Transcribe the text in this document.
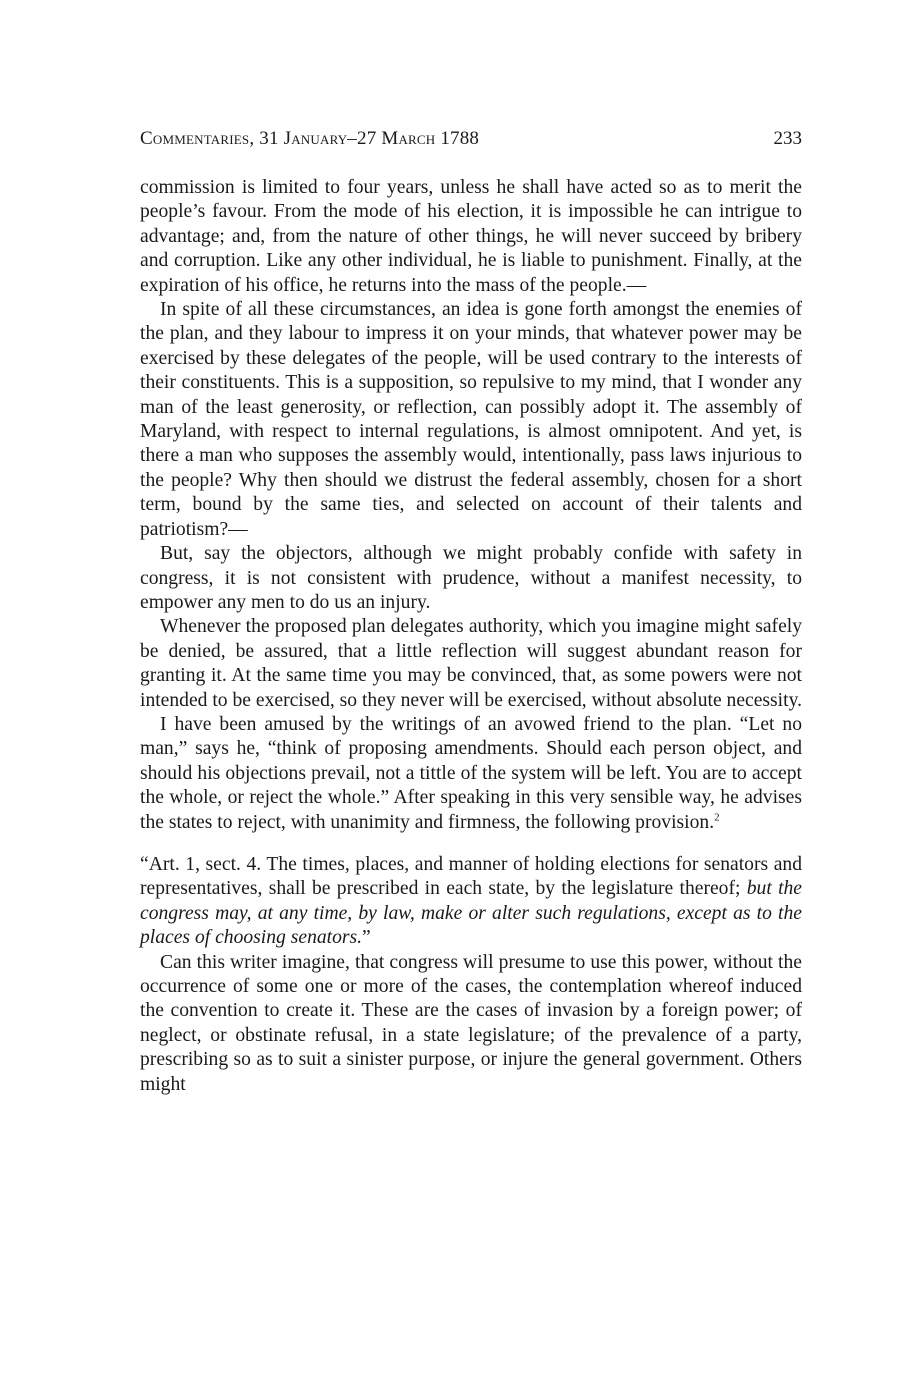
Commentaries, 31 January–27 March 1788	233

commission is limited to four years, unless he shall have acted so as to merit the people’s favour. From the mode of his election, it is impossible he can intrigue to advantage; and, from the nature of other things, he will never succeed by bribery and corruption. Like any other individual, he is liable to punishment. Finally, at the expiration of his office, he returns into the mass of the people.—

In spite of all these circumstances, an idea is gone forth amongst the enemies of the plan, and they labour to impress it on your minds, that whatever power may be exercised by these delegates of the people, will be used contrary to the interests of their constituents. This is a supposition, so repulsive to my mind, that I wonder any man of the least generosity, or reflection, can possibly adopt it. The assembly of Maryland, with respect to internal regulations, is almost omnipotent. And yet, is there a man who supposes the assembly would, intentionally, pass laws injurious to the people? Why then should we distrust the federal assembly, chosen for a short term, bound by the same ties, and selected on account of their talents and patriotism?—

But, say the objectors, although we might probably confide with safety in congress, it is not consistent with prudence, without a manifest necessity, to empower any men to do us an injury.

Whenever the proposed plan delegates authority, which you imagine might safely be denied, be assured, that a little reflection will suggest abundant reason for granting it. At the same time you may be convinced, that, as some powers were not intended to be exercised, so they never will be exercised, without absolute necessity.

I have been amused by the writings of an avowed friend to the plan. “Let no man,” says he, “think of proposing amendments. Should each person object, and should his objections prevail, not a tittle of the system will be left. You are to accept the whole, or reject the whole.” After speaking in this very sensible way, he advises the states to reject, with unanimity and firmness, the following provision.$^2$

“Art. 1, sect. 4. The times, places, and manner of holding elections for senators and representatives, shall be prescribed in each state, by the legislature thereof; but the congress may, at any time, by law, make or alter such regulations, except as to the places of choosing senators.”

Can this writer imagine, that congress will presume to use this power, without the occurrence of some one or more of the cases, the contemplation whereof induced the convention to create it. These are the cases of invasion by a foreign power; of neglect, or obstinate refusal, in a state legislature; of the prevalence of a party, prescribing so as to suit a sinister purpose, or injure the general government. Others might
